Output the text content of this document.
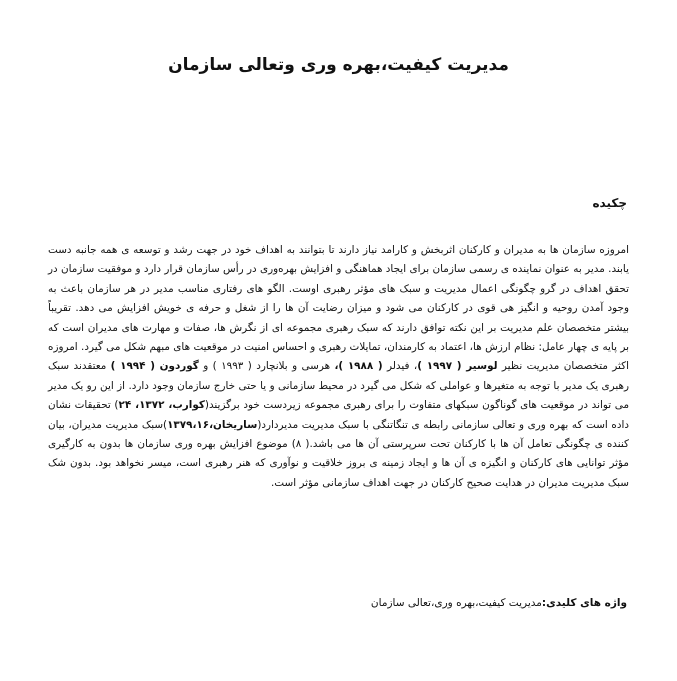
مدیریت کیفیت،بهره وری وتعالی سازمان
چکیده

امروزه سازمان ها به مدیران و کارکنان اثربخش و کارامد نیاز دارند تا بتوانند به اهداف خود در جهت رشد و توسعه ی همه جانبه دست یابند. مدیر به عنوان نماینده ی رسمی سازمان برای ایجاد هماهنگی و افزایش بهره‌وری در رأس سازمان قرار دارد و موفقیت سازمان در تحقق اهداف در گرو چگونگی اعمال مدیریت و سبک های مؤثر رهبری اوست. الگو های رفتاری مناسب مدیر در هر سازمان باعث به وجود آمدن روحیه و انگیز هی قوی در کارکنان می شود و میزان رضایت آن ها را از شغل و حرفه ی خویش افزایش می دهد. تقریباً بیشتر متخصصان علم مدیریت بر این نکته توافق دارند که سبک رهبری مجموعه ای از نگرش ها، صفات و مهارت های مدیران است که بر پایه ی چهار عامل: نظام ارزش ها، اعتماد به کارمندان، تمایلات رهبری و احساس امنیت در موقعیت های مبهم شکل می گیرد. امروزه اکثر متخصصان مدیریت نظیر لوسیر ( ۱۹۹۷ )، فیدلر ( ۱۹۸۸ )، هرسی و بلانچارد ( ۱۹۹۳ ) و گوردون ( ۱۹۹۴ ) معتقدند سبک رهبری یک مدیر با توجه به متغیرها و عواملی که شکل می گیرد در محیط سازمانی و یا حتی خارج سازمان وجود دارد. از این رو یک مدیر می تواند در موقعیت های گوناگون سبکهای متفاوت را برای رهبری مجموعه زیردست خود برگزیند(کوارب، ۱۳۷۲، ۲۴) تحقیقات نشان داده است که بهره وری و تعالی سازمانی رابطه ی تنگاتنگی با سبک مدیریت مدیردارد(ساریخان،۱۳۷۹،۱۶)سبک مدیریت مدیران، بیان کننده ی چگونگی تعامل آن ها با کارکنان تحت سرپرستی آن ها می باشد.( ۸) موضوع افزایش بهره وری سازمان ها بدون به کارگیری مؤثر توانایی های کارکنان و انگیزه ی آن ها و ایجاد زمینه ی بروز خلاقیت و نوآوری که هنر رهبری است، میسر نخواهد بود. بدون شک سبک مدیریت مدیران در هدایت صحیح کارکنان در جهت اهداف سازمانی مؤثر است.

واژه های کلیدی:مدیریت کیفیت،بهره وری،تعالی سازمان
